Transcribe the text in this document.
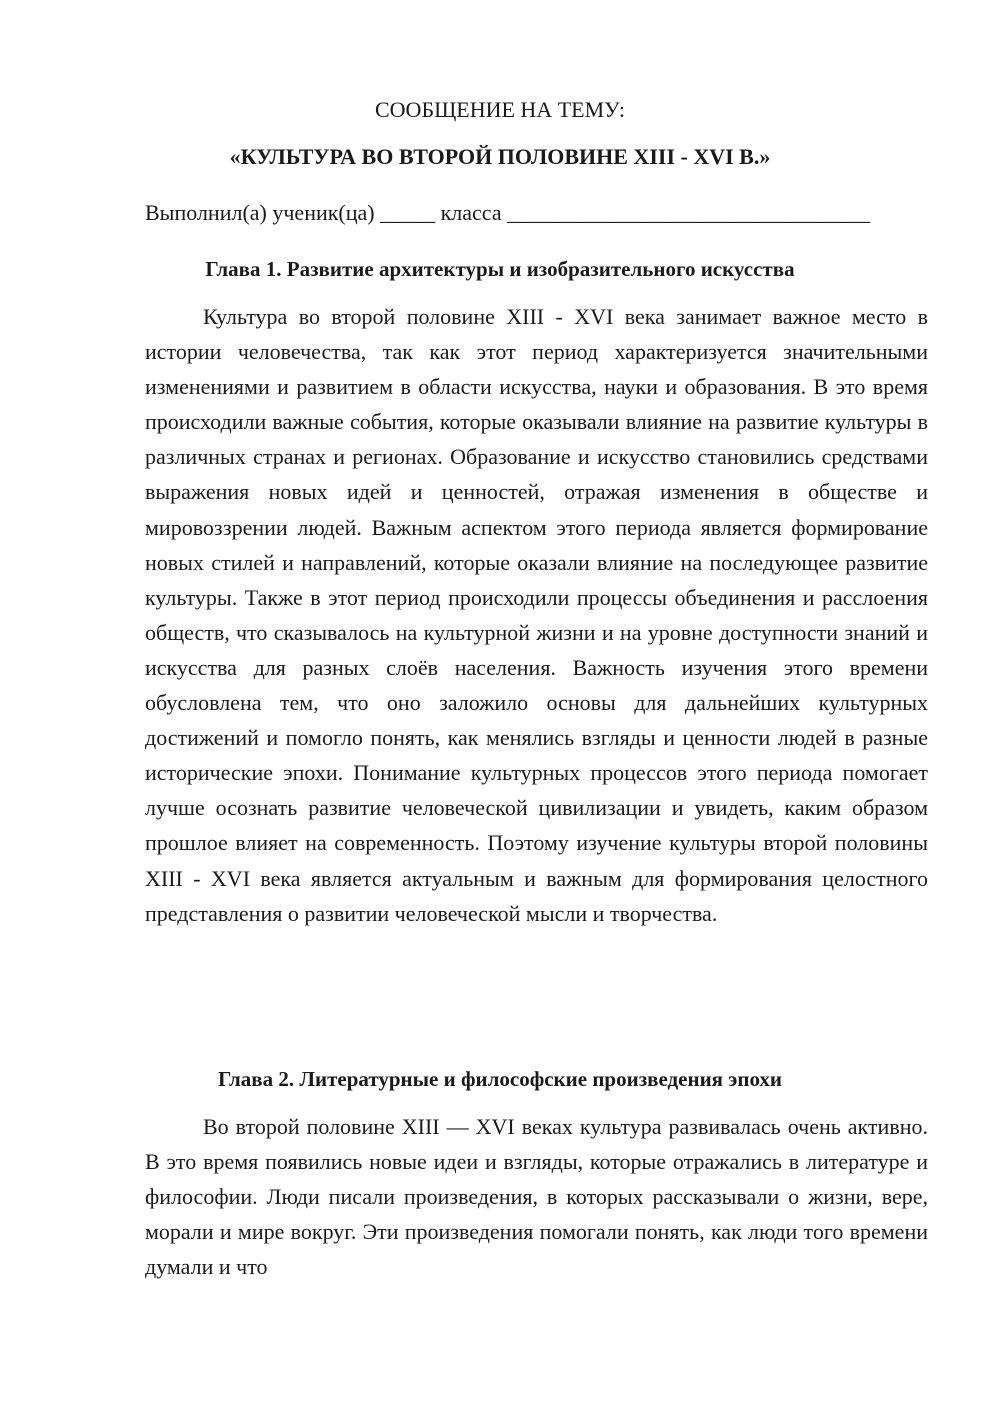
СООБЩЕНИЕ НА ТЕМУ:
«КУЛЬТУРА ВО ВТОРОЙ ПОЛОВИНЕ XIII - XVI В.»
Выполнил(а) ученик(ца) _____ класса _________________________________
Глава 1. Развитие архитектуры и изобразительного искусства

Культура во второй половине XIII - XVI века занимает важное место в истории человечества, так как этот период характеризуется значительными изменениями и развитием в области искусства, науки и образования. В это время происходили важные события, которые оказывали влияние на развитие культуры в различных странах и регионах. Образование и искусство становились средствами выражения новых идей и ценностей, отражая изменения в обществе и мировоззрении людей. Важным аспектом этого периода является формирование новых стилей и направлений, которые оказали влияние на последующее развитие культуры. Также в этот период происходили процессы объединения и расслоения обществ, что сказывалось на культурной жизни и на уровне доступности знаний и искусства для разных слоёв населения. Важность изучения этого времени обусловлена тем, что оно заложило основы для дальнейших культурных достижений и помогло понять, как менялись взгляды и ценности людей в разные исторические эпохи. Понимание культурных процессов этого периода помогает лучше осознать развитие человеческой цивилизации и увидеть, каким образом прошлое влияет на современность. Поэтому изучение культуры второй половины XIII - XVI века является актуальным и важным для формирования целостного представления о развитии человеческой мысли и творчества.

Глава 2. Литературные и философские произведения эпохи

Во второй половине XIII — XVI веках культура развивалась очень активно. В это время появились новые идеи и взгляды, которые отражались в литературе и философии. Люди писали произведения, в которых рассказывали о жизни, вере, морали и мире вокруг. Эти произведения помогали понять, как люди того времени думали и что
